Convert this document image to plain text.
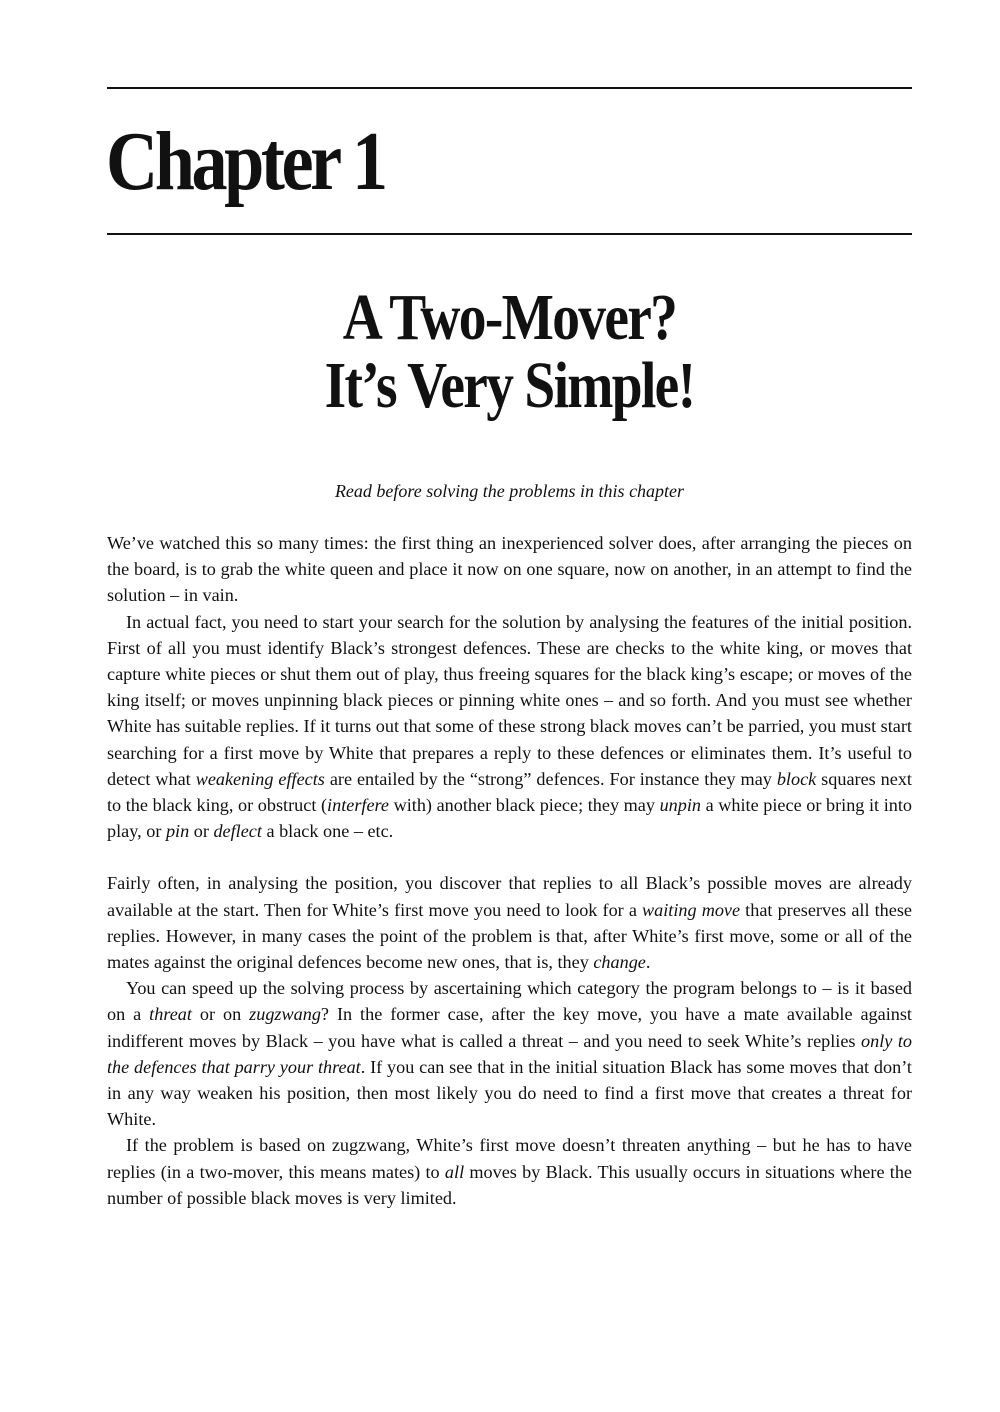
Chapter 1
A Two-Mover?
It’s Very Simple!

Read before solving the problems in this chapter

We’ve watched this so many times: the first thing an inexperienced solver does, after arranging the pieces on the board, is to grab the white queen and place it now on one square, now on another, in an attempt to find the solution – in vain.

In actual fact, you need to start your search for the solution by analysing the features of the initial position. First of all you must identify Black’s strongest defences. These are checks to the white king, or moves that capture white pieces or shut them out of play, thus freeing squares for the black king’s escape; or moves of the king itself; or moves unpinning black pieces or pinning white ones – and so forth. And you must see whether White has suitable replies. If it turns out that some of these strong black moves can’t be parried, you must start searching for a first move by White that prepares a reply to these defences or eliminates them. It’s useful to detect what weakening effects are entailed by the “strong” defences. For instance they may block squares next to the black king, or obstruct (interfere with) another black piece; they may unpin a white piece or bring it into play, or pin or deflect a black one – etc.

Fairly often, in analysing the position, you discover that replies to all Black’s possible moves are already available at the start. Then for White’s first move you need to look for a waiting move that preserves all these replies. However, in many cases the point of the problem is that, after White’s first move, some or all of the mates against the original defences become new ones, that is, they change.

You can speed up the solving process by ascertaining which category the program belongs to – is it based on a threat or on zugzwang? In the former case, after the key move, you have a mate available against indifferent moves by Black – you have what is called a threat – and you need to seek White’s replies only to the defences that parry your threat. If you can see that in the initial situation Black has some moves that don’t in any way weaken his position, then most likely you do need to find a first move that creates a threat for White.

If the problem is based on zugzwang, White’s first move doesn’t threaten anything – but he has to have replies (in a two-mover, this means mates) to all moves by Black. This usually occurs in situations where the number of possible black moves is very limited.
